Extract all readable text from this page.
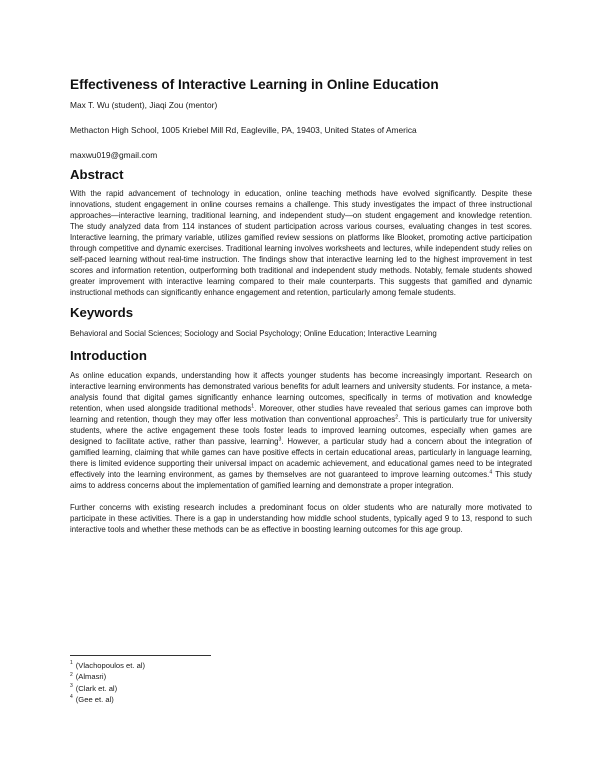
Effectiveness of Interactive Learning in Online Education
Max T. Wu (student), Jiaqi Zou (mentor)
Methacton High School, 1005 Kriebel Mill Rd, Eagleville, PA, 19403, United States of America
maxwu019@gmail.com
Abstract

With the rapid advancement of technology in education, online teaching methods have evolved significantly. Despite these innovations, student engagement in online courses remains a challenge. This study investigates the impact of three instructional approaches—interactive learning, traditional learning, and independent study—on student engagement and knowledge retention. The study analyzed data from 114 instances of student participation across various courses, evaluating changes in test scores. Interactive learning, the primary variable, utilizes gamified review sessions on platforms like Blooket, promoting active participation through competitive and dynamic exercises. Traditional learning involves worksheets and lectures, while independent study relies on self-paced learning without real-time instruction. The findings show that interactive learning led to the highest improvement in test scores and information retention, outperforming both traditional and independent study methods. Notably, female students showed greater improvement with interactive learning compared to their male counterparts. This suggests that gamified and dynamic instructional methods can significantly enhance engagement and retention, particularly among female students.

Keywords

Behavioral and Social Sciences; Sociology and Social Psychology; Online Education; Interactive Learning

Introduction

As online education expands, understanding how it affects younger students has become increasingly important. Research on interactive learning environments has demonstrated various benefits for adult learners and university students. For instance, a meta-analysis found that digital games significantly enhance learning outcomes, specifically in terms of motivation and knowledge retention, when used alongside traditional methods$^1$. Moreover, other studies have revealed that serious games can improve both learning and retention, though they may offer less motivation than conventional approaches$^2$. This is particularly true for university students, where the active engagement these tools foster leads to improved learning outcomes, especially when games are designed to facilitate active, rather than passive, learning$^3$. However, a particular study had a concern about the integration of gamified learning, claiming that while games can have positive effects in certain educational areas, particularly in language learning, there is limited evidence supporting their universal impact on academic achievement, and educational games need to be integrated effectively into the learning environment, as games by themselves are not guaranteed to improve learning outcomes.$^4$ This study aims to address concerns about the implementation of gamified learning and demonstrate a proper integration.

Further concerns with existing research includes a predominant focus on older students who are naturally more motivated to participate in these activities. There is a gap in understanding how middle school students, typically aged 9 to 13, respond to such interactive tools and whether these methods can be as effective in boosting learning outcomes for this age group.

$^1$ (Vlachopoulos et. al)
$^2$ (Almasri)
$^3$ (Clark et. al)
$^4$ (Gee et. al)
